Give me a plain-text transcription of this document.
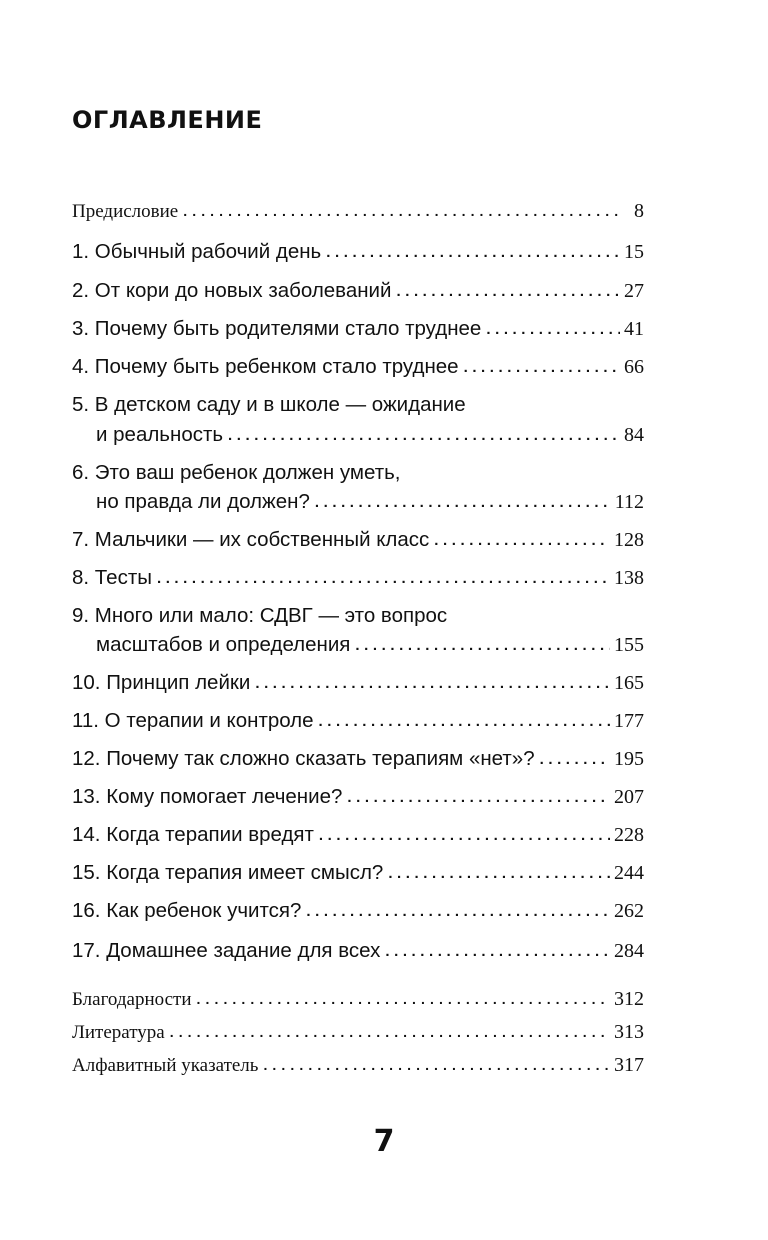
ОГЛАВЛЕНИЕ
Предисловие . . .	8
1. Обычный рабочий день . . .	15
2. От кори до новых заболеваний . . .	27
3. Почему быть родителями стало труднее . . .	41
4. Почему быть ребенком стало труднее . . .	66
5. В детском саду и в школе — ожидание
и реальность . . .	84
6. Это ваш ребенок должен уметь,
но правда ли должен? . . .	112
7. Мальчики — их собственный класс . . .	128
8. Тесты . . .	138
9. Много или мало: СДВГ — это вопрос
масштабов и определения . . .	155
10. Принцип лейки . . .	165
11. О терапии и контроле . . .	177
12. Почему так сложно сказать терапиям «нет»? . . .	195
13. Кому помогает лечение? . . .	207
14. Когда терапии вредят . . .	228
15. Когда терапия имеет смысл? . . .	244
16. Как ребенок учится? . . .	262
17. Домашнее задание для всех . . .	284
Благодарности . . .	312
Литература . . .	313
Алфавитный указатель . . .	317
7
